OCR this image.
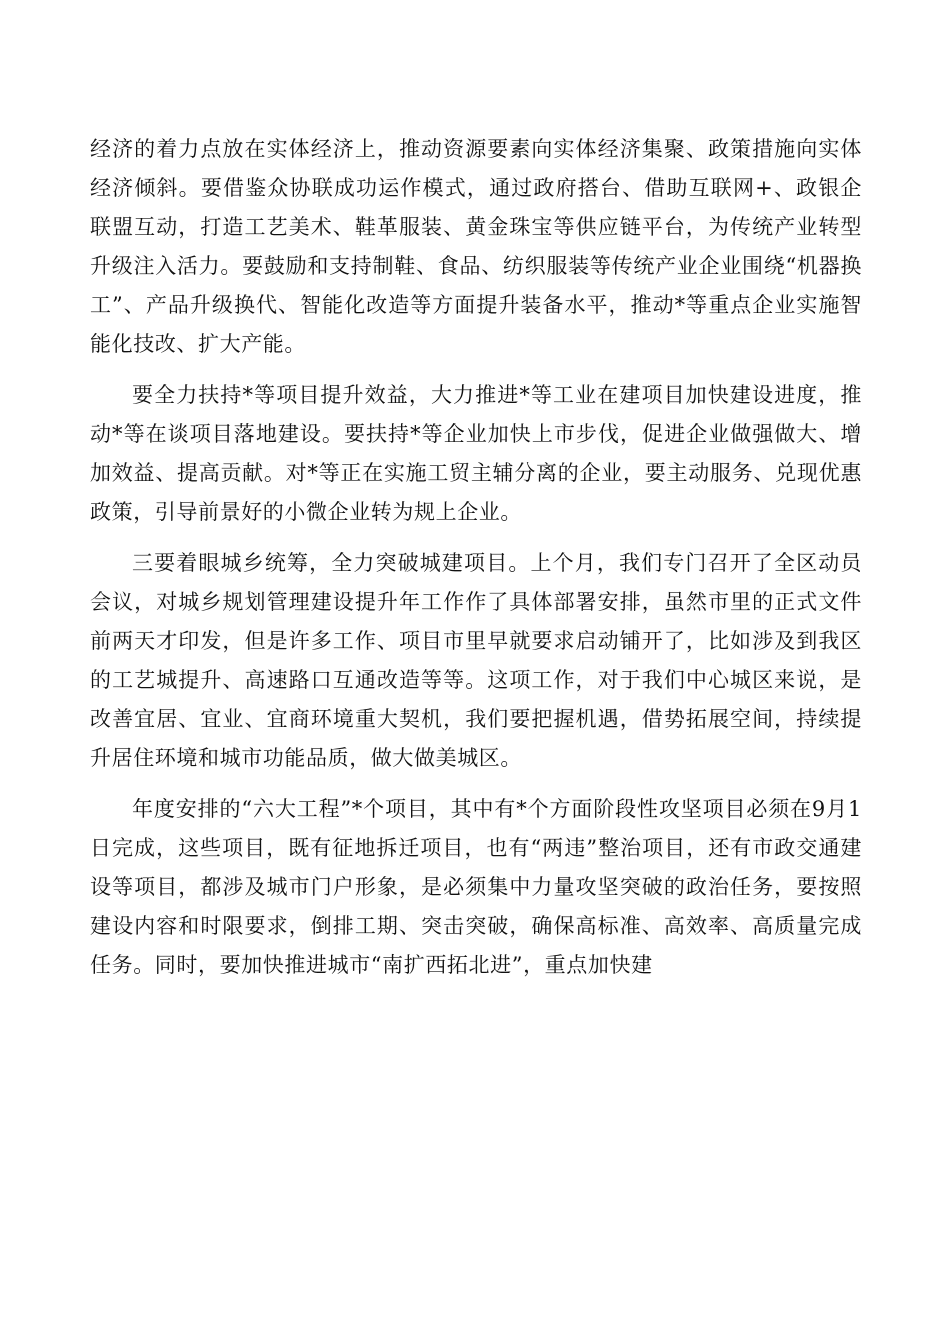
经济的着力点放在实体经济上，推动资源要素向实体经济集聚、政策措施向实体经济倾斜。要借鉴众协联成功运作模式，通过政府搭台、借助互联网+、政银企联盟互动，打造工艺美术、鞋革服装、黄金珠宝等供应链平台，为传统产业转型升级注入活力。要鼓励和支持制鞋、食品、纺织服装等传统产业企业围绕“机器换工”、产品升级换代、智能化改造等方面提升装备水平，推动*等重点企业实施智能化技改、扩大产能。

要全力扶持*等项目提升效益，大力推进*等工业在建项目加快建设进度，推动*等在谈项目落地建设。要扶持*等企业加快上市步伐，促进企业做强做大、增加效益、提高贡献。对*等正在实施工贸主辅分离的企业，要主动服务、兑现优惠政策，引导前景好的小微企业转为规上企业。

三要着眼城乡统筹，全力突破城建项目。上个月，我们专门召开了全区动员会议，对城乡规划管理建设提升年工作作了具体部署安排，虽然市里的正式文件前两天才印发，但是许多工作、项目市里早就要求启动铺开了，比如涉及到我区的工艺城提升、高速路口互通改造等等。这项工作，对于我们中心城区来说，是改善宜居、宜业、宜商环境重大契机，我们要把握机遇，借势拓展空间，持续提升居住环境和城市功能品质，做大做美城区。

年度安排的“六大工程”*个项目，其中有*个方面阶段性攻坚项目必须在9月1日完成，这些项目，既有征地拆迁项目，也有“两违”整治项目，还有市政交通建设等项目，都涉及城市门户形象，是必须集中力量攻坚突破的政治任务，要按照建设内容和时限要求，倒排工期、突击突破，确保高标准、高效率、高质量完成任务。同时，要加快推进城市“南扩西拓北进”，重点加快建
